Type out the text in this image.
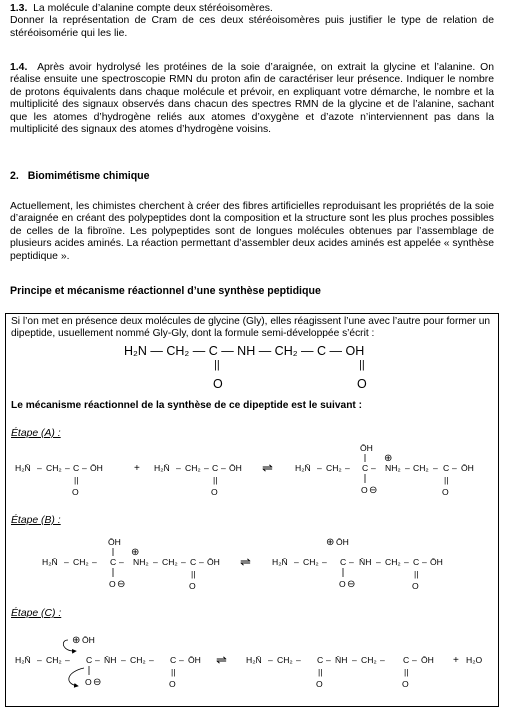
1.3. La molécule d’alanine compte deux stéréoisomères.
Donner la représentation de Cram de ces deux stéréoisomères puis justifier le type de relation de stéréoisomérie qui les lie.
1.4. Après avoir hydrolysé les protéines de la soie d’araignée, on extrait la glycine et l’alanine. On réalise ensuite une spectroscopie RMN du proton afin de caractériser leur présence. Indiquer le nombre de protons équivalents dans chaque molécule et prévoir, en expliquant votre démarche, le nombre et la multiplicité des signaux observés dans chacun des spectres RMN de la glycine et de l’alanine, sachant que les atomes d’hydrogène reliés aux atomes d’oxygène et d’azote n’interviennent pas dans la multiplicité des signaux des atomes d’hydrogène voisins.
2. Biomimétisme chimique
Actuellement, les chimistes cherchent à créer des fibres artificielles reproduisant les propriétés de la soie d’araignée en créant des polypeptides dont la composition et la structure sont les plus proches possibles de celles de la fibroïne. Les polypeptides sont de longues molécules obtenues par l’assemblage de plusieurs acides aminés. La réaction permettant d’assembler deux acides aminés est appelée « synthèse peptidique ».
Principe et mécanisme réactionnel d’une synthèse peptidique
Si l’on met en présence deux molécules de glycine (Gly), elles réagissent l’une avec l’autre pour former un dipeptide, usuellement nommé Gly-Gly, dont la formule semi-développée s’écrit :
H₂N — CH₂ — C — NH — CH₂ — C — OH
||
O
||
O
Le mécanisme réactionnel de la synthèse de ce dipeptide est le suivant :
Étape (A) :
Étape (B) :
Étape (C) :
H₂N̄ – CH₂ – C – ŌH
||
O
+ H₂N̄ – CH₂ – C – ŌH
||
O
⇌	H₂N̄ – CH₂ – C
ŌH
O ⊖
–
⊕
NH₂ – CH₂ – C – ŌH
||
O
H₂N̄ – CH₂ – C
ŌH
O ⊖
–
⊕
NH₂ – CH₂ – C – ŌH
||
O
⇌ H₂N̄ – CH₂ – C
⊕ ŌH
O ⊖
– N̄H – CH₂ – C – ŌH
||
O
⊕ ŌH
H₂N̄ – CH₂ – C
O ⊖
– N̄H – CH₂ – C – ŌH
||
O
⇌ H₂N̄ – CH₂ – C – N̄H – CH₂ – C – ŌH
||
O
||
O
+ H₂O
